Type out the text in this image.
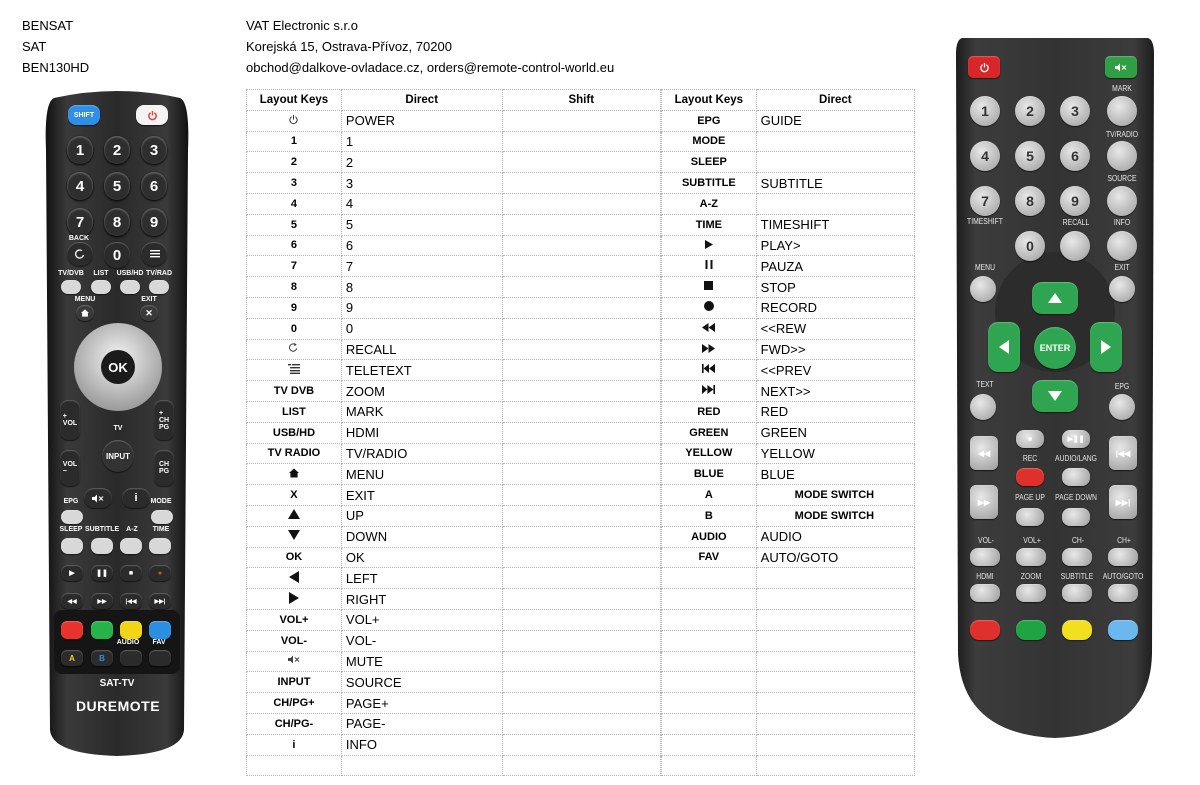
BENSAT
SAT
BEN130HD
VAT Electronic s.r.o
Korejská 15, Ostrava-Přívoz, 70200
obchod@dalkove-ovladace.cz, orders@remote-control-world.eu
Layout Keys	Direct	Shift
	POWER	
1	1	
2	2	
3	3	
4	4	
5	5	
6	6	
7	7	
8	8	
9	9	
0	0	
	RECALL	
	TELETEXT	
TV DVB	ZOOM	
LIST	MARK	
USB/HD	HDMI	
TV RADIO	TV/RADIO	
	MENU	
X	EXIT	
	UP	
	DOWN	
OK	OK	
	LEFT	
	RIGHT	
VOL+	VOL+	
VOL-	VOL-	
	MUTE	
INPUT	SOURCE	
CH/PG+	PAGE+	
CH/PG-	PAGE-	
i	INFO	

Layout Keys	Direct
EPG	GUIDE
MODE	
SLEEP	
SUBTITLE	SUBTITLE
A-Z	
TIME	TIMESHIFT
	PLAY>
	PAUZA
	STOP
	RECORD
	<<REW
	FWD>>
	<<PREV
	NEXT>>
RED	RED
GREEN	GREEN
YELLOW	YELLOW
BLUE	BLUE
A	MODE SWITCH
B	MODE SWITCH
AUDIO	AUDIO
FAV	AUTO/GOTO

SHIFT
1	2	3
4	5	6
7	8	9
BACK
0
TV/DVB	LIST	USB/HD TV/RAD
MENU	EXIT
✕
OK
+
VOL
+
CH
PG
TV
INPUT
VOL
−
CH
PG
i
EPG	MODE
SLEEP SUBTITLE A-Z	TIME
▶	❚❚	■	●
◀◀	▶▶	|◀◀	▶▶|
AUDIO	FAV
A	B
SAT-TV
DUREMOTE
1	2	3
4	5	6
7	8	9
0
MARK
TV/RADIO
SOURCE
TIMESHIFT	RECALL	INFO
MENU	EXIT
ENTER
TEXT	EPG
◀◀	|◀◀
▶▶	▶▶|
■	▶❚❚
REC	AUDIO/LANG
PAGE UP	PAGE DOWN
VOL-
HDMI
VOL+
ZOOM
CH-
SUBTITLE
CH+
AUTO/GOTO
